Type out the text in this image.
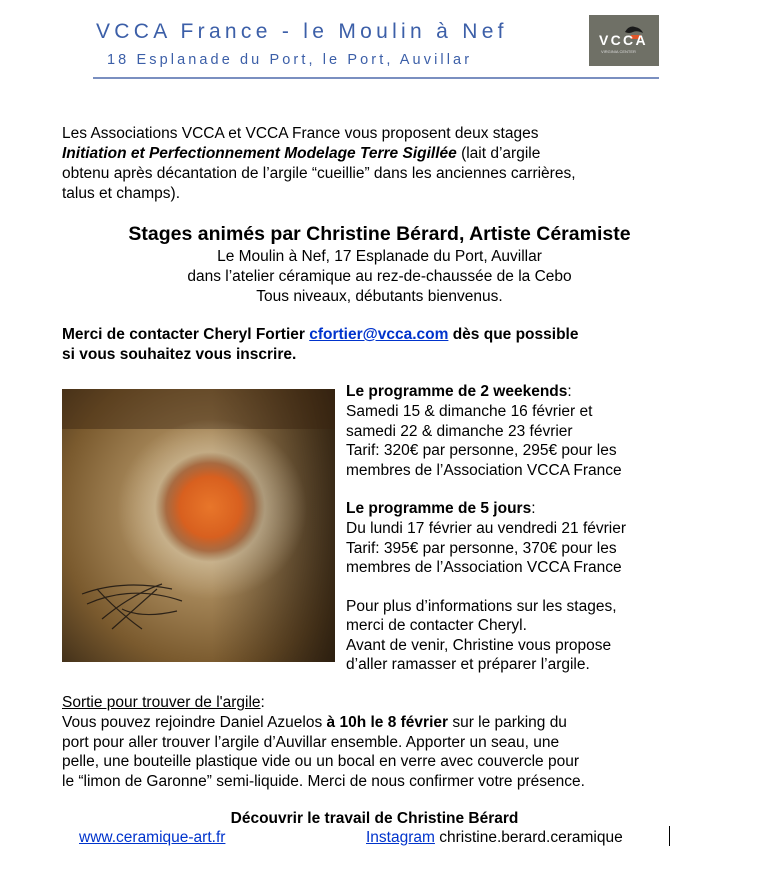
VCCA France - le Moulin à Nef
18 Esplanade du Port, le Port, Auvillar
VCCA
VIRGINIA CENTER
Les Associations VCCA et VCCA France vous proposent deux stages
Initiation et Perfectionnement Modelage Terre Sigillée (lait d’argile
obtenu après décantation de l’argile “cueillie” dans les anciennes carrières,
talus et champs).
Stages animés par Christine Bérard, Artiste Céramiste
Le Moulin à Nef, 17 Esplanade du Port, Auvillar
dans l’atelier céramique au rez-de-chaussée de la Cebo
Tous niveaux, débutants bienvenus.
Merci de contacter Cheryl Fortier cfortier@vcca.com dès que possible
si vous souhaitez vous inscrire.
Le programme de 2 weekends:
Samedi 15 & dimanche 16 février et
samedi 22 & dimanche 23 février
Tarif: 320€ par personne, 295€ pour les
membres de l’Association VCCA France
Le programme de 5 jours:
Du lundi 17 février au vendredi 21 février
Tarif: 395€ par personne, 370€ pour les
membres de l’Association VCCA France
Pour plus d’informations sur les stages,
merci de contacter Cheryl.
Avant de venir, Christine vous propose
d’aller ramasser et préparer l’argile.
Sortie pour trouver de l'argile:
Vous pouvez rejoindre Daniel Azuelos à 10h le 8 février sur le parking du
port pour aller trouver l’argile d’Auvillar ensemble. Apporter un seau, une
pelle, une bouteille plastique vide ou un bocal en verre avec couvercle pour
le “limon de Garonne” semi-liquide. Merci de nous confirmer votre présence.
Découvrir le travail de Christine Bérard
www.ceramique-art.fr	Instagram christine.berard.ceramique
